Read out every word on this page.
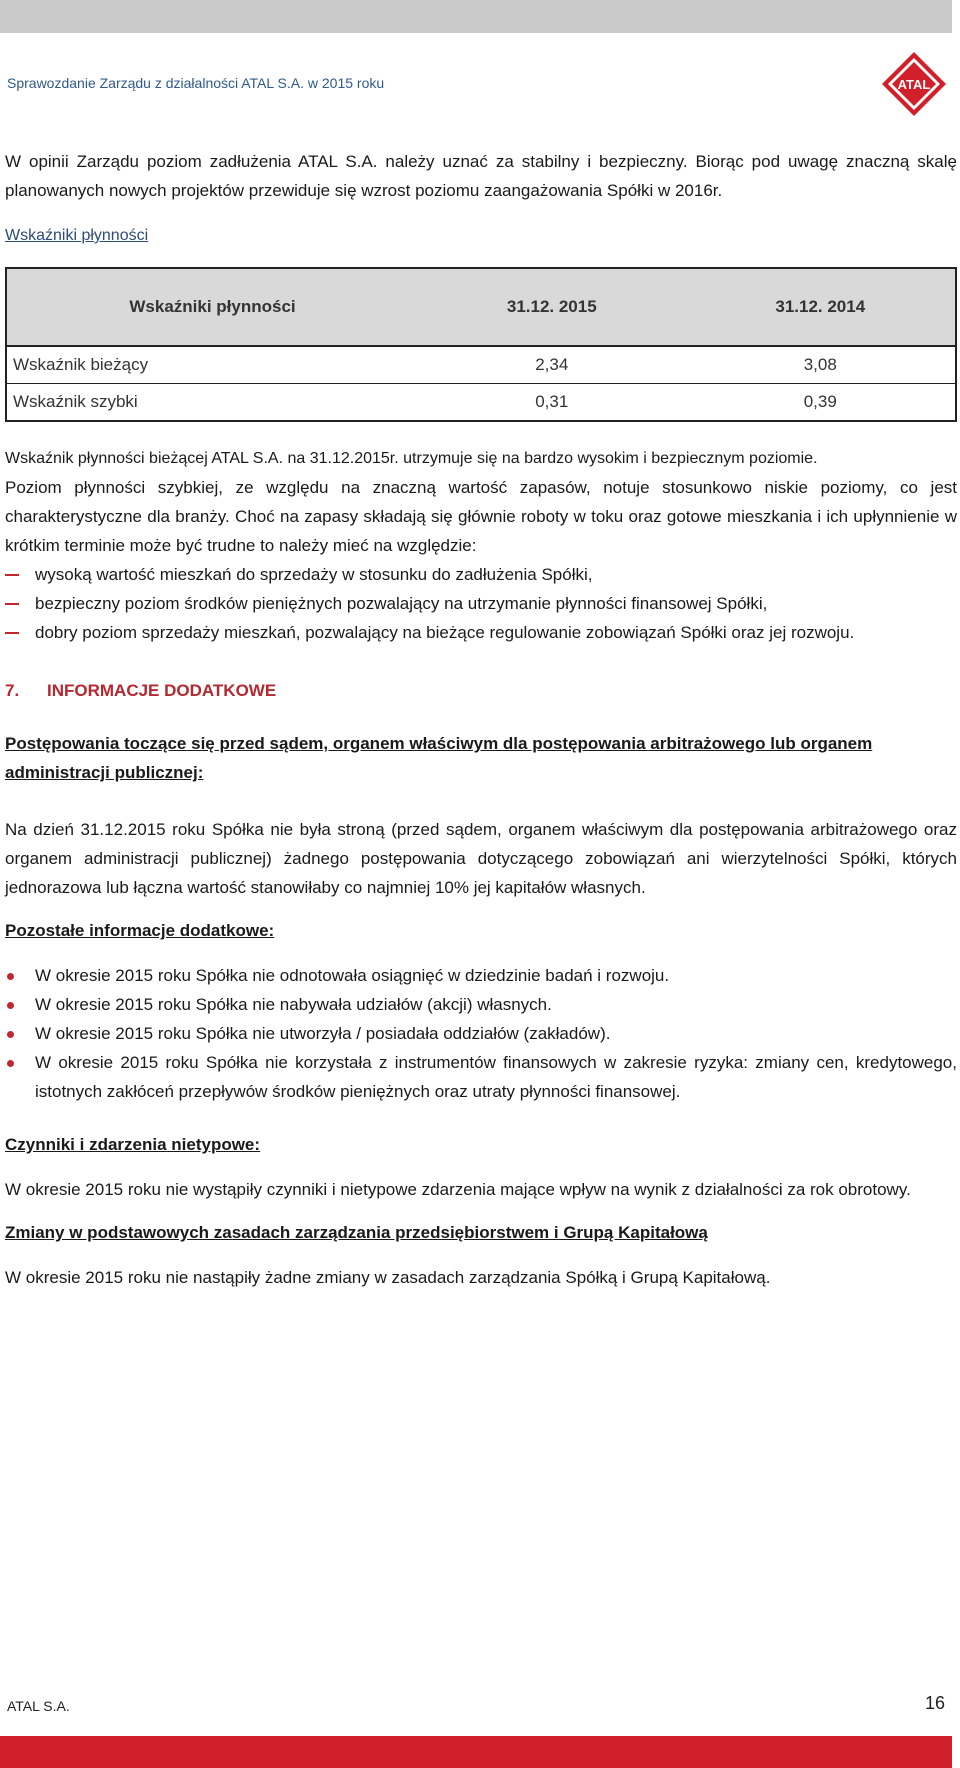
Sprawozdanie Zarządu z działalności ATAL S.A. w 2015 roku	ATAL

W opinii Zarządu poziom zadłużenia ATAL S.A. należy uznać za stabilny i bezpieczny. Biorąc pod uwagę znaczną skalę planowanych nowych projektów przewiduje się wzrost poziomu zaangażowania Spółki w 2016r.

Wskaźniki płynności

Wskaźniki płynności	31.12. 2015	31.12. 2014
Wskaźnik bieżący	2,34	3,08
Wskaźnik szybki	0,31	0,39

Wskaźnik płynności bieżącej ATAL S.A. na 31.12.2015r. utrzymuje się na bardzo wysokim i bezpiecznym poziomie.

Poziom płynności szybkiej, ze względu na znaczną wartość zapasów, notuje stosunkowo niskie poziomy, co jest charakterystyczne dla branży. Choć na zapasy składają się głównie roboty w toku oraz gotowe mieszkania i ich upłynnienie w krótkim terminie może być trudne to należy mieć na względzie:

wysoką wartość mieszkań do sprzedaży w stosunku do zadłużenia Spółki,
bezpieczny poziom środków pieniężnych pozwalający na utrzymanie płynności finansowej Spółki,
dobry poziom sprzedaży mieszkań, pozwalający na bieżące regulowanie zobowiązań Spółki oraz jej rozwoju.

7. INFORMACJE DODATKOWE

Postępowania toczące się przed sądem, organem właściwym dla postępowania arbitrażowego lub organem administracji publicznej:

Na dzień 31.12.2015 roku Spółka nie była stroną (przed sądem, organem właściwym dla postępowania arbitrażowego oraz organem administracji publicznej) żadnego postępowania dotyczącego zobowiązań ani wierzytelności Spółki, których jednorazowa lub łączna wartość stanowiłaby co najmniej 10% jej kapitałów własnych.

Pozostałe informacje dodatkowe:

W okresie 2015 roku Spółka nie odnotowała osiągnięć w dziedzinie badań i rozwoju.
W okresie 2015 roku Spółka nie nabywała udziałów (akcji) własnych.
W okresie 2015 roku Spółka nie utworzyła / posiadała oddziałów (zakładów).
W okresie 2015 roku Spółka nie korzystała z instrumentów finansowych w zakresie ryzyka: zmiany cen, kredytowego, istotnych zakłóceń przepływów środków pieniężnych oraz utraty płynności finansowej.

Czynniki i zdarzenia nietypowe:

W okresie 2015 roku nie wystąpiły czynniki i nietypowe zdarzenia mające wpływ na wynik z działalności za rok obrotowy.

Zmiany w podstawowych zasadach zarządzania przedsiębiorstwem i Grupą Kapitałową

W okresie 2015 roku nie nastąpiły żadne zmiany w zasadach zarządzania Spółką i Grupą Kapitałową.

ATAL S.A.	16
